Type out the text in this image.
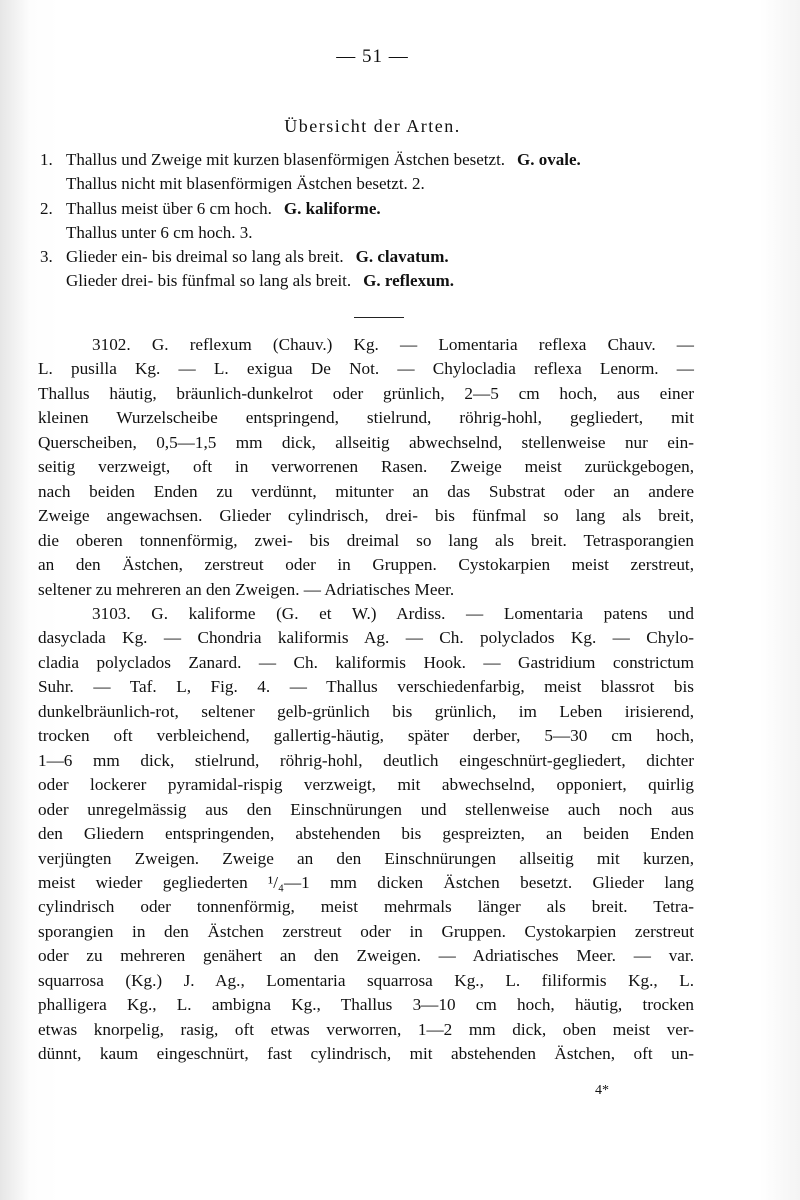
— 51 —
Übersicht der Arten.
1. Thallus und Zweige mit kurzen blasenförmigen Ästchen besetzt. G. ovale.
Thallus nicht mit blasenförmigen Ästchen besetzt. 2.
2. Thallus meist über 6 cm hoch. G. kaliforme.
Thallus unter 6 cm hoch. 3.
3. Glieder ein- bis dreimal so lang als breit. G. clavatum.
Glieder drei- bis fünfmal so lang als breit. G. reflexum.
3102. G. reflexum (Chauv.) Kg. — Lomentaria reflexa Chauv. —
L. pusilla Kg. — L. exigua De Not. — Chylocladia reflexa Lenorm. —
Thallus häutig, bräunlich-dunkelrot oder grünlich, 2—5 cm hoch, aus einer
kleinen Wurzelscheibe entspringend, stielrund, röhrig-hohl, gegliedert, mit
Querscheiben, 0,5—1,5 mm dick, allseitig abwechselnd, stellenweise nur ein-
seitig verzweigt, oft in verworrenen Rasen. Zweige meist zurückgebogen,
nach beiden Enden zu verdünnt, mitunter an das Substrat oder an andere
Zweige angewachsen. Glieder cylindrisch, drei- bis fünfmal so lang als breit,
die oberen tonnenförmig, zwei- bis dreimal so lang als breit. Tetrasporangien
an den Ästchen, zerstreut oder in Gruppen. Cystokarpien meist zerstreut,
seltener zu mehreren an den Zweigen. — Adriatisches Meer.
3103. G. kaliforme (G. et W.) Ardiss. — Lomentaria patens und
dasyclada Kg. — Chondria kaliformis Ag. — Ch. polyclados Kg. — Chylo-
cladia polyclados Zanard. — Ch. kaliformis Hook. — Gastridium constrictum
Suhr. — Taf. L, Fig. 4. — Thallus verschiedenfarbig, meist blassrot bis
dunkelbräunlich-rot, seltener gelb-grünlich bis grünlich, im Leben irisierend,
trocken oft verbleichend, gallertig-häutig, später derber, 5—30 cm hoch,
1—6 mm dick, stielrund, röhrig-hohl, deutlich eingeschnürt-gegliedert, dichter
oder lockerer pyramidal-rispig verzweigt, mit abwechselnd, opponiert, quirlig
oder unregelmässig aus den Einschnürungen und stellenweise auch noch aus
den Gliedern entspringenden, abstehenden bis gespreizten, an beiden Enden
verjüngten Zweigen. Zweige an den Einschnürungen allseitig mit kurzen,
meist wieder gegliederten ¹/₄—1 mm dicken Ästchen besetzt. Glieder lang
cylindrisch oder tonnenförmig, meist mehrmals länger als breit. Tetra-
sporangien in den Ästchen zerstreut oder in Gruppen. Cystokarpien zerstreut
oder zu mehreren genähert an den Zweigen. — Adriatisches Meer. — var.
squarrosa (Kg.) J. Ag., Lomentaria squarrosa Kg., L. filiformis Kg., L.
phalligera Kg., L. ambigna Kg., Thallus 3—10 cm hoch, häutig, trocken
etwas knorpelig, rasig, oft etwas verworren, 1—2 mm dick, oben meist ver-
dünnt, kaum eingeschnürt, fast cylindrisch, mit abstehenden Ästchen, oft un-
4*
